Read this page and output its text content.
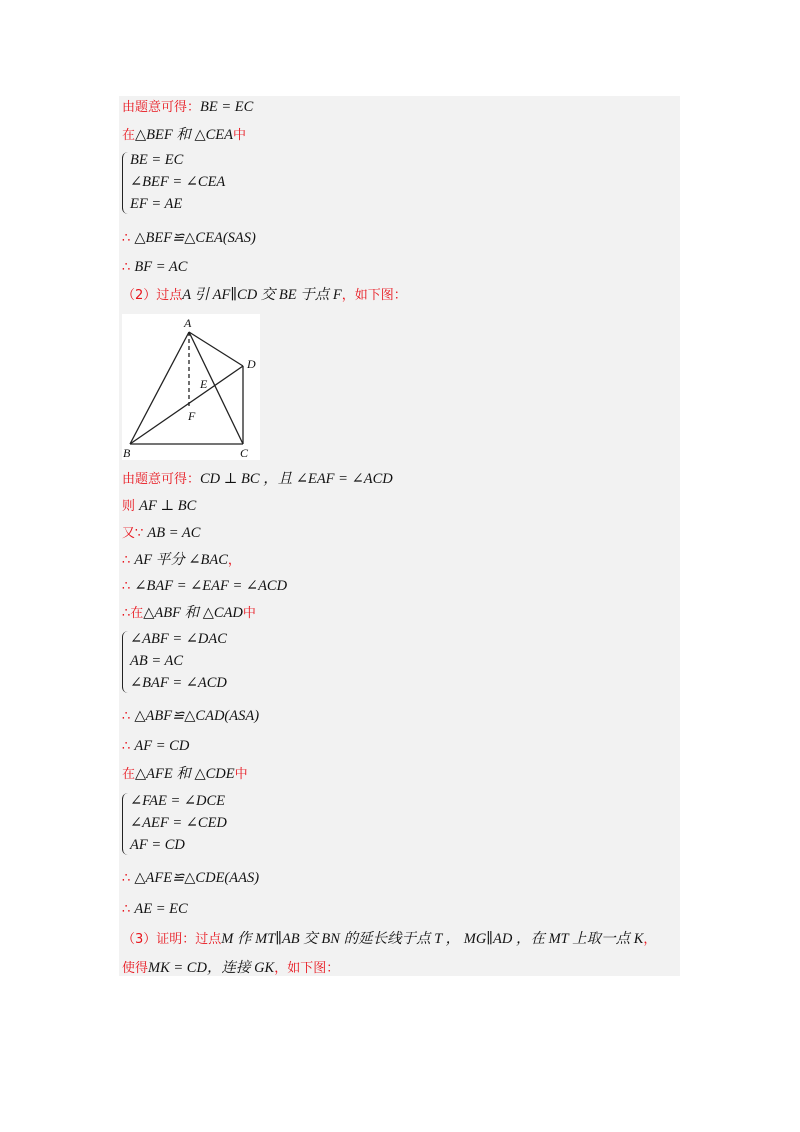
由题意可得：BE = EC
在△BEF 和 △CEA中
BE = EC
∠BEF = ∠CEA
EF = AE
∴ △BEF≌△CEA(SAS)
∴ BF = AC
（2）过点A 引 AF∥CD 交 BE 于点 F，如下图：
A
B	C
D
E
F
由题意可得：CD ⊥ BC ，且 ∠EAF = ∠ACD
则 AF ⊥ BC
又∵ AB = AC
∴ AF 平分 ∠BAC，
∴ ∠BAF = ∠EAF = ∠ACD
∴在△ABF 和 △CAD中
∠ABF = ∠DAC
AB = AC
∠BAF = ∠ACD
∴ △ABF≌△CAD(ASA)
∴ AF = CD
在△AFE 和 △CDE中
∠FAE = ∠DCE
∠AEF = ∠CED
AF = CD
∴ △AFE≌△CDE(AAS)
∴ AE = EC
（3）证明：过点M 作 MT∥AB 交 BN 的延长线于点 T ， MG∥AD ，在 MT 上取一点 K，
使得MK = CD，连接 GK，如下图：
